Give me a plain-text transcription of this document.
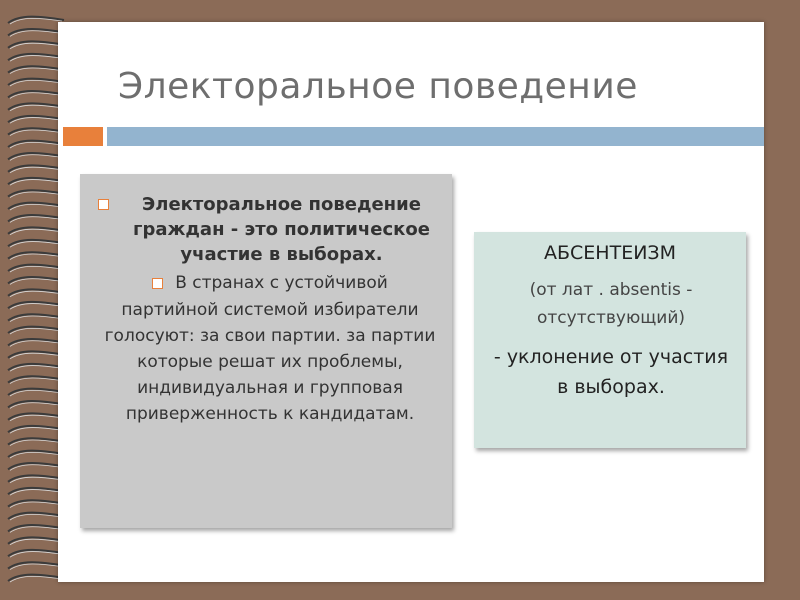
Электоральное поведение
Электоральное поведение граждан - это политическое участие в выборах.
В странах с устойчивой

партийной системой избиратели голосуют: за свои партии. за партии которые решат их проблемы, индивидуальная и групповая приверженность к кандидатам.
АБСЕНТЕИЗМ
(от лат . absentis - отсутствующий)
- уклонение от участия в выборах.
